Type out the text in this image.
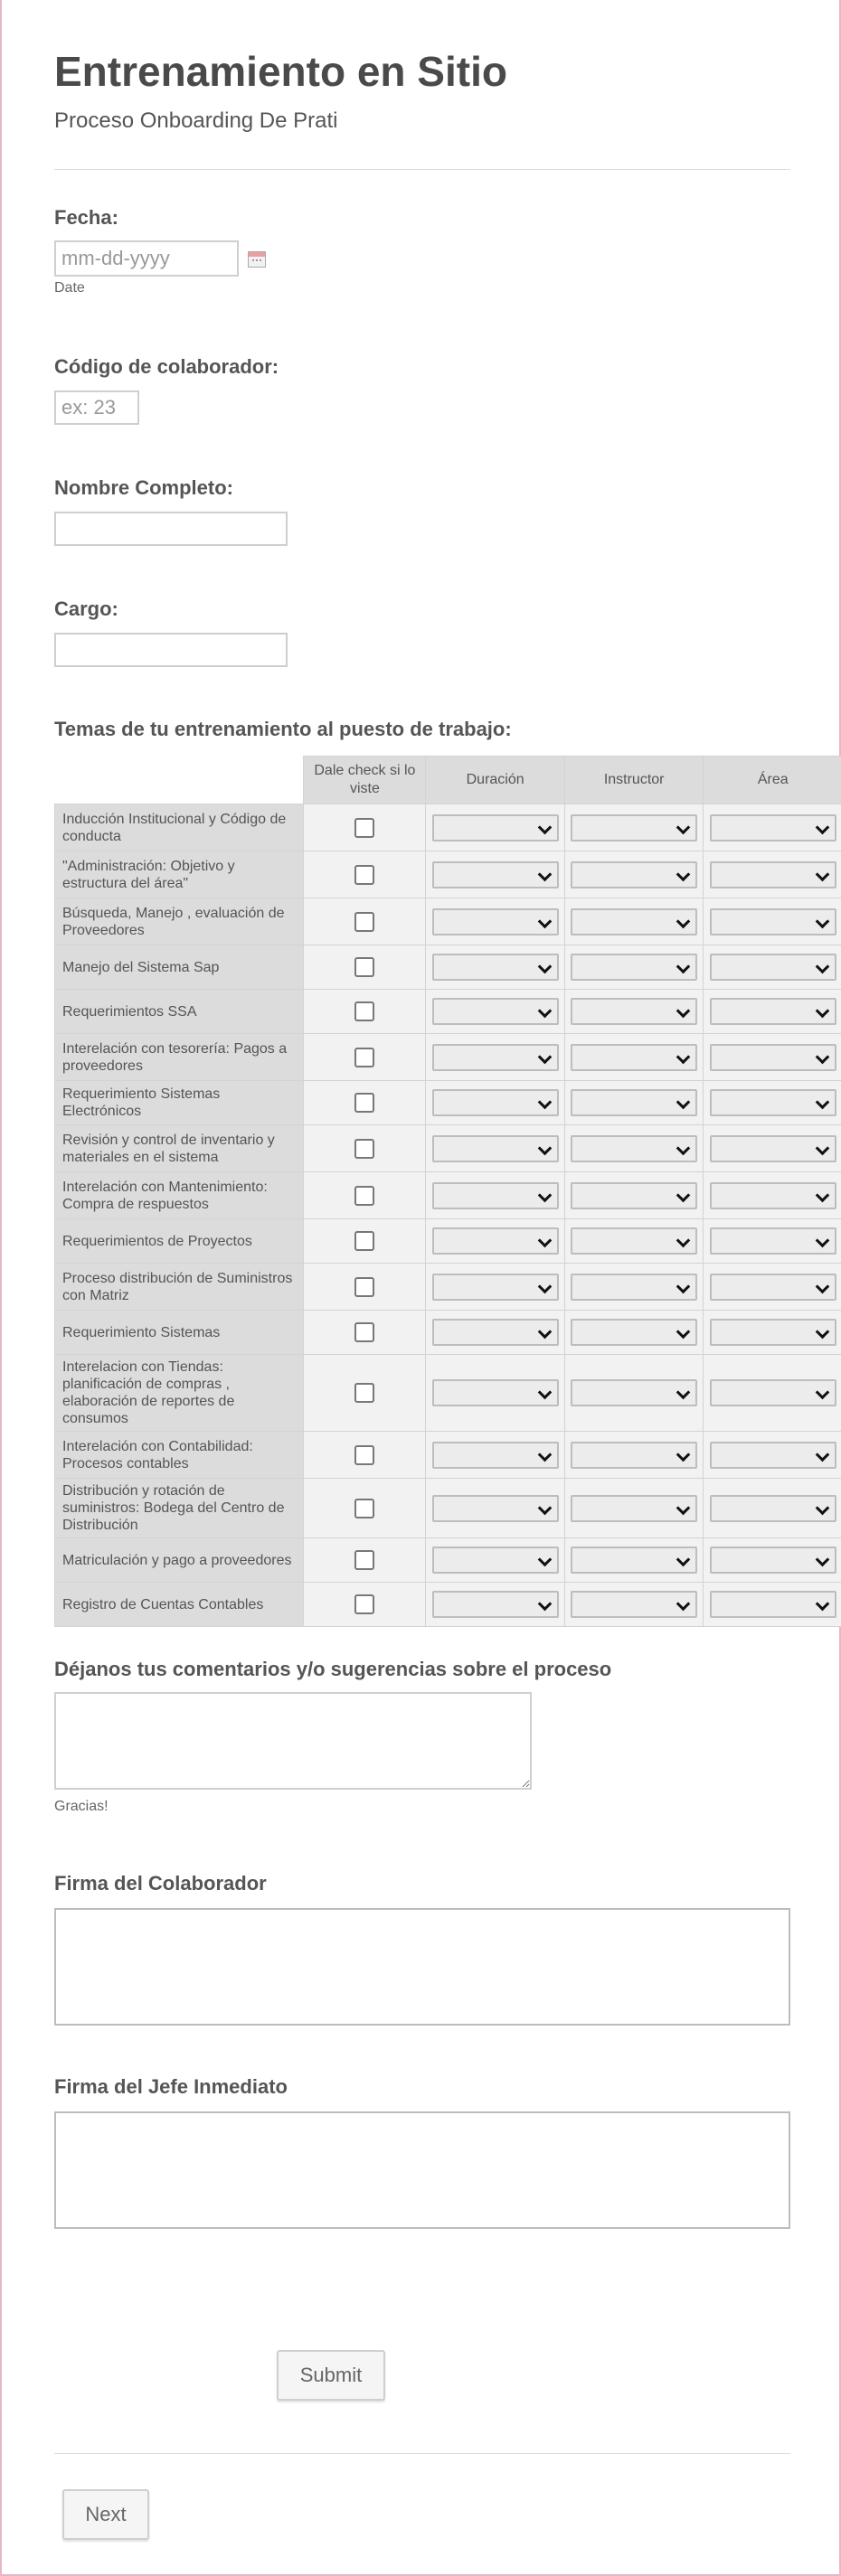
Entrenamiento en Sitio
Proceso Onboarding De Prati
Fecha:
mm-dd-yyyy
Date
Código de colaborador:
ex: 23
Nombre Completo:
Cargo:
Temas de tu entrenamiento al puesto de trabajo:
	Dale check si lo viste	Duración	Instructor	Área
Inducción Institucional y Código de conducta				
"Administración: Objetivo y estructura del área"				
Búsqueda, Manejo , evaluación de Proveedores				
Manejo del Sistema Sap				
Requerimientos SSA				
Interelación con tesorería: Pagos a proveedores				
Requerimiento Sistemas Electrónicos				
Revisión y control de inventario y materiales en el sistema				
Interelación con Mantenimiento: Compra de respuestos				
Requerimientos de Proyectos				
Proceso distribución de Suministros con Matriz				
Requerimiento Sistemas				
Interelacion con Tiendas: planificación de compras , elaboración de reportes de consumos				
Interelación con Contabilidad: Procesos contables				
Distribución y rotación de suministros: Bodega del Centro de Distribución				
Matriculación y pago a proveedores				
Registro de Cuentas Contables				
Déjanos tus comentarios y/o sugerencias sobre el proceso
Gracias!
Firma del Colaborador
Firma del Jefe Inmediato
Submit
Next
